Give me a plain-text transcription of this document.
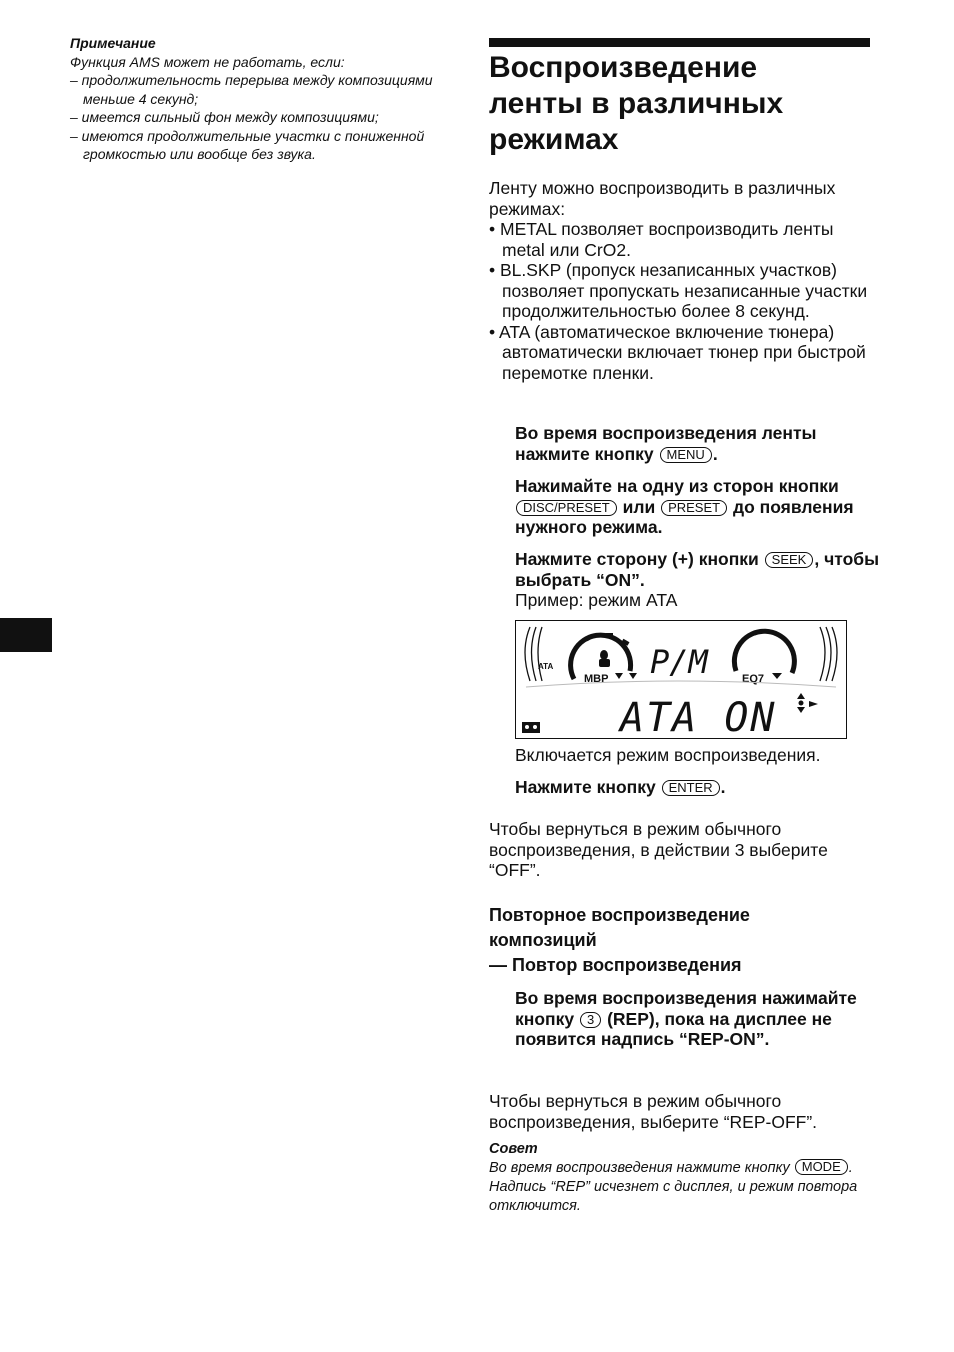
Примечание
Функция AMS может не работать, если:
– продолжительность перерыва между композициями меньше 4 секунд;
– имеется сильный фон между композициями;
– имеются продолжительные участки с пониженной громкостью или вообще без звука.
Воспроизведение
ленты в различных
режимах
Ленту можно воспроизводить в различных режимах:
• METAL позволяет воспроизводить ленты metal или CrO2.
• BL.SKP (пропуск незаписанных участков) позволяет пропускать незаписанные участки продолжительностью более 8 секунд.
• ATA (автоматическое включение тюнера) автоматически включает тюнер при быстрой перемотке пленки.
Во время воспроизведения ленты нажмите кнопку MENU .
Нажимайте на одну из сторон кнопки DISC/PRESET или PRESET до появления нужного режима.
Нажмите сторону (+) кнопки SEEK , чтобы выбрать “ON”.
Пример: режим ATA
ATA
MBP P/M	EQ7
ATA ON
Включается режим воспроизведения.
Нажмите кнопку ENTER .
Чтобы вернуться в режим обычного воспроизведения, в действии 3 выберите “OFF”.
Повторное воспроизведение
композиций
— Повтор воспроизведения
Во время воспроизведения нажимайте кнопку 3 (REP), пока на дисплее не появится надпись “REP-ON”.
Чтобы вернуться в режим обычного воспроизведения, выберите “REP-OFF”.
Совет
Во время воспроизведения нажмите кнопку MODE . Надпись “REP” исчезнет с дисплея, и режим повтора отключится.
